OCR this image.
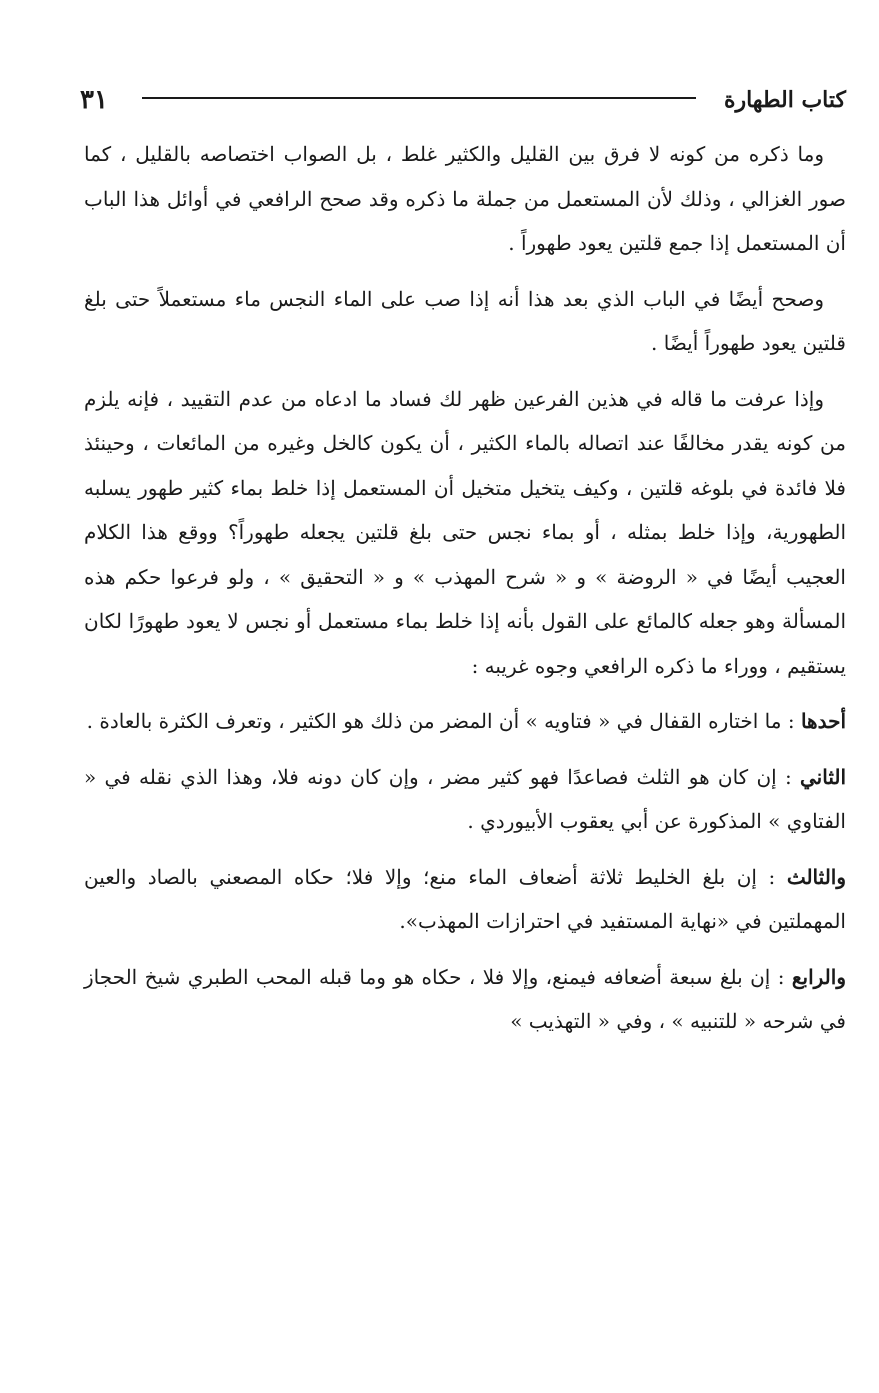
٣١	كتاب الطهارة

وما ذكره من كونه لا فرق بين القليل والكثير غلط ، بل الصواب اختصاصه بالقليل ، كما صور الغزالي ، وذلك لأن المستعمل من جملة ما ذكره وقد صحح الرافعي في أوائل هذا الباب أن المستعمل إذا جمع قلتين يعود طهوراً .

وصحح أيضًا في الباب الذي بعد هذا أنه إذا صب على الماء النجس ماء مستعملاً حتى بلغ قلتين يعود طهوراً أيضًا .

وإذا عرفت ما قاله في هذين الفرعين ظهر لك فساد ما ادعاه من عدم التقييد ، فإنه يلزم من كونه يقدر مخالفًا عند اتصاله بالماء الكثير ، أن يكون كالخل وغيره من المائعات ، وحينئذ فلا فائدة في بلوغه قلتين ، وكيف يتخيل متخيل أن المستعمل إذا خلط بماء كثير طهور يسلبه الطهورية، وإذا خلط بمثله ، أو بماء نجس حتى بلغ قلتين يجعله طهوراً؟ ووقع هذا الكلام العجيب أيضًا في « الروضة » و « شرح المهذب » و « التحقيق » ، ولو فرعوا حكم هذه المسألة وهو جعله كالمائع على القول بأنه إذا خلط بماء مستعمل أو نجس لا يعود طهورًا لكان يستقيم ، ووراء ما ذكره الرافعي وجوه غريبه :

أحدها : ما اختاره القفال في « فتاويه » أن المضر من ذلك هو الكثير ، وتعرف الكثرة بالعادة .

الثاني : إن كان هو الثلث فصاعدًا فهو كثير مضر ، وإن كان دونه فلا، وهذا الذي نقله في « الفتاوي » المذكورة عن أبي يعقوب الأبيوردي .

والثالث : إن بلغ الخليط ثلاثة أضعاف الماء منع؛ وإلا فلا؛ حكاه المصعني بالصاد والعين المهملتين في «نهاية المستفيد في احترازات المهذب».

والرابع : إن بلغ سبعة أضعافه فيمنع، وإلا فلا ، حكاه هو وما قبله المحب الطبري شيخ الحجاز في شرحه « للتنبيه » ، وفي « التهذيب »
